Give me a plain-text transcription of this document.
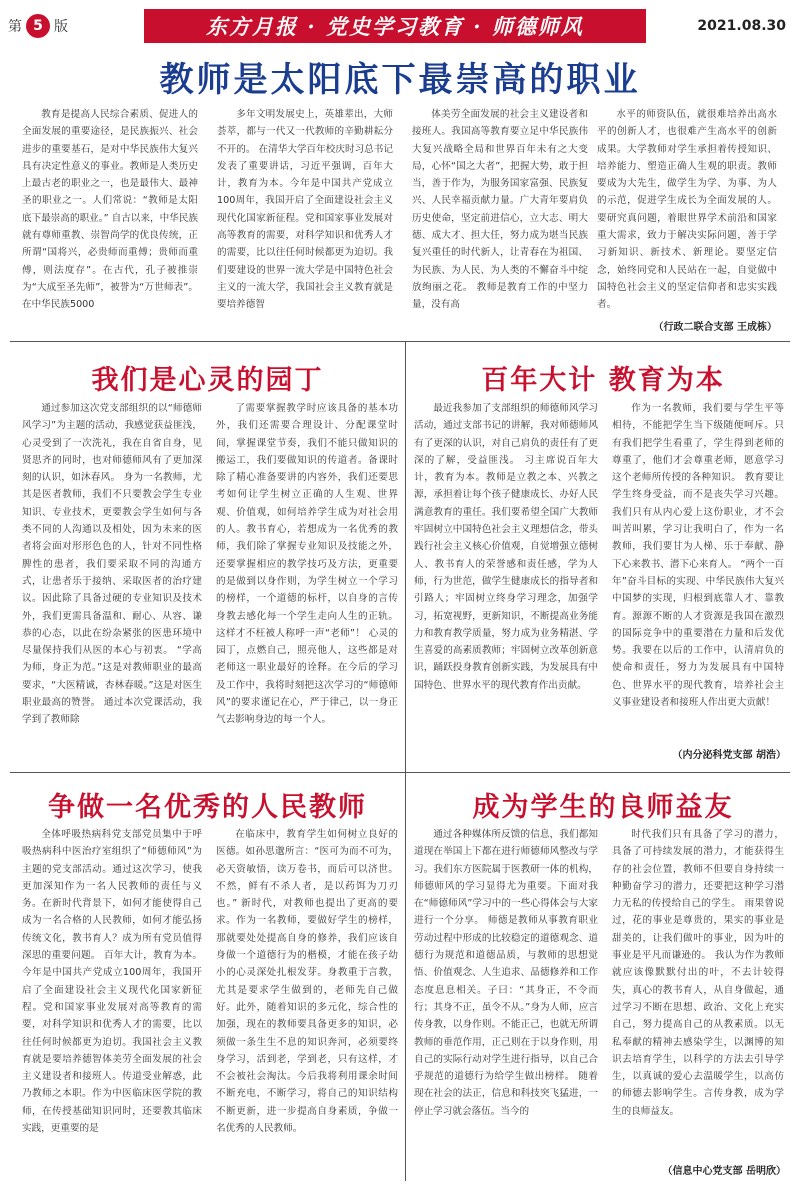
第 5 版	东方月报 · 党史学习教育 · 师德师风	2021.08.30
教师是太阳底下最崇高的职业

教育是提高人民综合素质、促进人的全面发展的重要途径，是民族振兴、社会进步的重要基石，是对中华民族伟大复兴具有决定性意义的事业。教师是人类历史上最古老的职业之一，也是最伟大、最神圣的职业之一。人们常说：“教师是太阳底下最崇高的职业。” 自古以来，中华民族就有尊师重教、崇智尚学的优良传统，正所谓“国将兴，必贵师而重傅；贵师而重傅，则法度存”。在古代，孔子被推崇为“大成至圣先师”，被誉为“万世师表”。在中华民族5000

多年文明发展史上，英雄辈出，大师荟萃，都与一代又一代教师的辛勤耕耘分不开的。 在清华大学百年校庆时习总书记发表了重要讲话，习近平强调，百年大计，教育为本。今年是中国共产党成立100周年，我国开启了全面建设社会主义现代化国家新征程。党和国家事业发展对高等教育的需要，对科学知识和优秀人才的需要，比以往任何时候都更为迫切。我们要建设的世界一流大学是中国特色社会主义的一流大学，我国社会主义教育就是要培养德智

体美劳全面发展的社会主义建设者和接班人。我国高等教育要立足中华民族伟大复兴战略全局和世界百年未有之大变局，心怀“国之大者”，把握大势，敢于担当，善于作为，为服务国家富强、民族复兴、人民幸福贡献力量。广大青年要肩负历史使命，坚定前进信心，立大志、明大德、成大才、担大任，努力成为堪当民族复兴重任的时代新人，让青春在为祖国、为民族、为人民、为人类的不懈奋斗中绽放绚丽之花。 教师是教育工作的中坚力量，没有高

水平的师资队伍，就很难培养出高水平的创新人才，也很难产生高水平的创新成果。大学教师对学生承担着传授知识、培养能力、塑造正确人生观的职责。教师要成为大先生，做学生为学、为事、为人的示范，促进学生成长为全面发展的人。要研究真问题，着眼世界学术前沿和国家重大需求，致力于解决实际问题，善于学习新知识、新技术、新理论。要坚定信念，始终同党和人民站在一起，自觉做中国特色社会主义的坚定信仰者和忠实实践者。

（行政二联合支部 王成栋）
我们是心灵的园丁

通过参加这次党支部组织的以“师德师风学习”为主题的活动，我感觉获益匪浅，心灵受到了一次洗礼，我在自省自身，见贤思齐的同时，也对师德师风有了更加深刻的认识，如沐春风。 身为一名教师，尤其是医者教师，我们不只要教会学生专业知识、专业技术，更要教会学生如何与各类不同的人沟通以及相处，因为未来的医者将会面对形形色色的人，针对不同性格脾性的患者，我们要采取不同的沟通方式，让患者乐于接纳、采取医者的治疗建议。因此除了具备过硬的专业知识及技术外，我们更需具备温和、耐心、从容、谦恭的心态，以此在纷杂紧张的医患环境中尽量保持我们从医的本心与初衷。 “学高为师，身正为范。”这是对教师职业的最高要求，“大医精诚，杏林春暖。”这是对医生职业最高的赞誉。 通过本次党课活动，我学到了教师除

了需要掌握教学时应该具备的基本功外，我们还需要合理设计、分配课堂时间，掌握课堂节奏，我们不能只做知识的搬运工，我们要做知识的传道者。备课时除了精心准备要讲的内容外，我们还要思考如何让学生树立正确的人生观、世界观、价值观，如何培养学生成为对社会用的人。教书育心，若想成为一名优秀的教师，我们除了掌握专业知识及技能之外，还要掌握相应的教学技巧及方法，更重要的是做到以身作则，为学生树立一个学习的榜样，一个道德的标杆，以自身的言传身教去感化每一个学生走向人生的正轨。这样才不枉被人称呼一声“老师”！ 心灵的园丁，点燃自己，照亮他人，这些都是对老师这一职业最好的诠释。在今后的学习及工作中，我将时刻把这次学习的“师德师风”的要求谨记在心，严于律己，以一身正气去影响身边的每一个人。

百年大计 教育为本

最近我参加了支部组织的师德师风学习活动，通过支部书记的讲解，我对师德师风有了更深的认识，对自己肩负的责任有了更深的了解，受益匪浅。 习主席说百年大计，教育为本。教师是立教之本、兴教之源，承担着让每个孩子健康成长、办好人民满意教育的重任。我们要希望全国广大教师牢固树立中国特色社会主义理想信念，带头践行社会主义核心价值观，自觉增强立德树人、教书育人的荣誉感和责任感，学为人师，行为世范，做学生健康成长的指导者和引路人；牢固树立终身学习理念，加强学习，拓宽视野，更新知识，不断提高业务能力和教育教学质量，努力成为业务精湛、学生喜爱的高素质教师；牢固树立改革创新意识，踊跃投身教育创新实践，为发展具有中国特色、世界水平的现代教育作出贡献。

作为一名教师，我们要与学生平等相待，不能把学生当下级随便呵斥。只有我们把学生看重了，学生得到老师的尊重了，他们才会尊重老师，愿意学习这个老师所传授的各种知识。 教育要让学生终身受益，而不是丧失学习兴趣。我们只有从内心爱上这份职业，才不会叫苦叫累，学习让我明白了，作为一名教师，我们要甘为人梯、乐于奉献、静下心来教书、潜下心来育人。 “两个一百年”奋斗目标的实现、中华民族伟大复兴中国梦的实现，归根到底靠人才、靠教育。源源不断的人才资源是我国在激烈的国际竞争中的重要潜在力量和后发优势。我要在以后的工作中，认清肩负的使命和责任，努力为发展具有中国特色、世界水平的现代教育，培养社会主义事业建设者和接班人作出更大贡献！

（内分泌科党支部 胡浩）
争做一名优秀的人民教师

全体呼吸热病科党支部党员集中于呼吸热病科中医治疗室组织了“师德师风”为主题的党支部活动。通过这次学习，使我更加深知作为一名人民教师的责任与义务。在新时代背景下，如何才能使得自己成为一名合格的人民教师，如何才能弘扬传统文化，教书育人？成为所有党员值得深思的重要问题。 百年大计，教育为本。今年是中国共产党成立100周年，我国开启了全面建设社会主义现代化国家新征程。党和国家事业发展对高等教育的需要，对科学知识和优秀人才的需要，比以往任何时候都更为迫切。我国社会主义教育就是要培养德智体美劳全面发展的社会主义建设者和接班人。传道受业解惑，此乃教师之本职。作为中医临床医学院的教师，在传授基础知识同时，还要教其临床实践，更重要的是

在临床中，教育学生如何树立良好的医德。如孙思邈所言：“医可为而不可为，必天资敏悟，读万卷书，而后可以济世。不然，鲜有不杀人者，是以药饵为刀刃也。” 新时代，对教师也提出了更高的要求。作为一名教师，要做好学生的榜样，那就要处处提高自身的修养，我们应该自身做一个道德行为的楷模，才能在孩子幼小的心灵深处扎根发芽。身教重于言教，尤其是要求学生做到的，老师先自己做好。此外，随着知识的多元化，综合性的加强，现在的教师要具备更多的知识，必须做一条生生不息的知识奔河，必须要终身学习，活到老，学到老，只有这样，才不会被社会淘汰。今后我将利用课余时间不断充电，不断学习，将自己的知识结构不断更新，进一步提高自身素质，争做一名优秀的人民教师。

成为学生的良师益友

通过各种媒体所反馈的信息，我们都知道现在举国上下都在进行师德师风整改与学习。我们东方医院属于医教研一体的机构，师德师风的学习显得尤为重要。下面对我在“师德师风”学习中的一些心得体会与大家进行一个分享。 师德是教师从事教育职业劳动过程中形成的比较稳定的道德观念、道德行为规范和道德品质，与教师的思想觉悟、价值观念、人生追求、品德修养和工作态度息息相关。子曰：“其身正，不令而行；其身不正，虽令不从。”身为人师，应言传身教，以身作则。不能正己，也就无所谓教师的垂范作用，正己则在于以身作则，用自己的实际行动对学生进行指导，以自己合乎规范的道德行为给学生做出榜样。 随着现在社会的法正，信息和科技突飞猛进，一停止学习就会落伍。当今的

时代我们只有具备了学习的潜力，具备了可持续发展的潜力，才能获得生存的社会位置，教师不但要自身持续一种勤奋学习的潜力，还要把这种学习潜力无私的传授给自己的学生。 雨果曾说过，花的事业是尊贵的，果实的事业是甜美的，让我们做叶的事业，因为叶的事业是平凡而谦逊的。 我认为作为教师就应该像默默付出的叶，不去计较得失，真心的教书育人，从自身做起，通过学习不断在思想、政治、文化上充实自己，努力提高自己的从教素质。以无私奉献的精神去感染学生，以渊博的知识去培育学生，以科学的方法去引导学生，以真诚的爱心去温暖学生，以高仿的师德去影响学生。言传身教，成为学生的良师益友。

（信息中心党支部 岳明欣）
